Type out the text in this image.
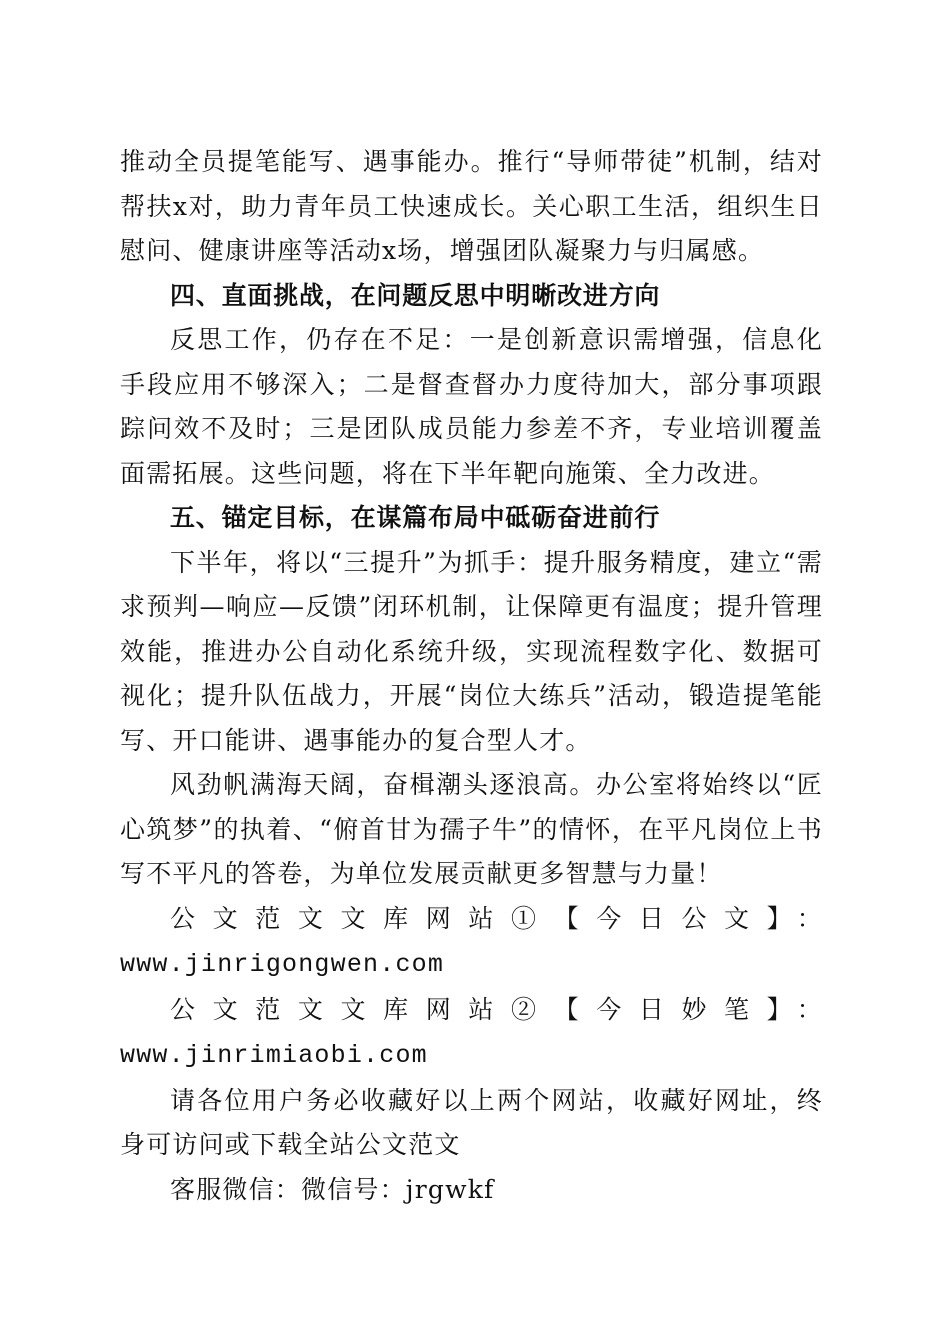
推动全员提笔能写、遇事能办。推行“导师带徒”机制，结对帮扶x对，助力青年员工快速成长。关心职工生活，组织生日慰问、健康讲座等活动x场，增强团队凝聚力与归属感。

四、直面挑战，在问题反思中明晰改进方向

反思工作，仍存在不足：一是创新意识需增强，信息化手段应用不够深入；二是督查督办力度待加大，部分事项跟踪问效不及时；三是团队成员能力参差不齐，专业培训覆盖面需拓展。这些问题，将在下半年靶向施策、全力改进。

五、锚定目标，在谋篇布局中砥砺奋进前行

下半年，将以“三提升”为抓手：提升服务精度，建立“需求预判—响应—反馈”闭环机制，让保障更有温度；提升管理效能，推进办公自动化系统升级，实现流程数字化、数据可视化；提升队伍战力，开展“岗位大练兵”活动，锻造提笔能写、开口能讲、遇事能办的复合型人才。

风劲帆满海天阔，奋楫潮头逐浪高。办公室将始终以“匠心筑梦”的执着、“俯首甘为孺子牛”的情怀，在平凡岗位上书写不平凡的答卷，为单位发展贡献更多智慧与力量！

公文范文文库网站①【今日公文】：

www.jinrigongwen.com

公文范文文库网站②【今日妙笔】：www.jinrimiaobi.com

请各位用户务必收藏好以上两个网站，收藏好网址，终身可访问或下载全站公文范文

客服微信：微信号：jrgwkf
